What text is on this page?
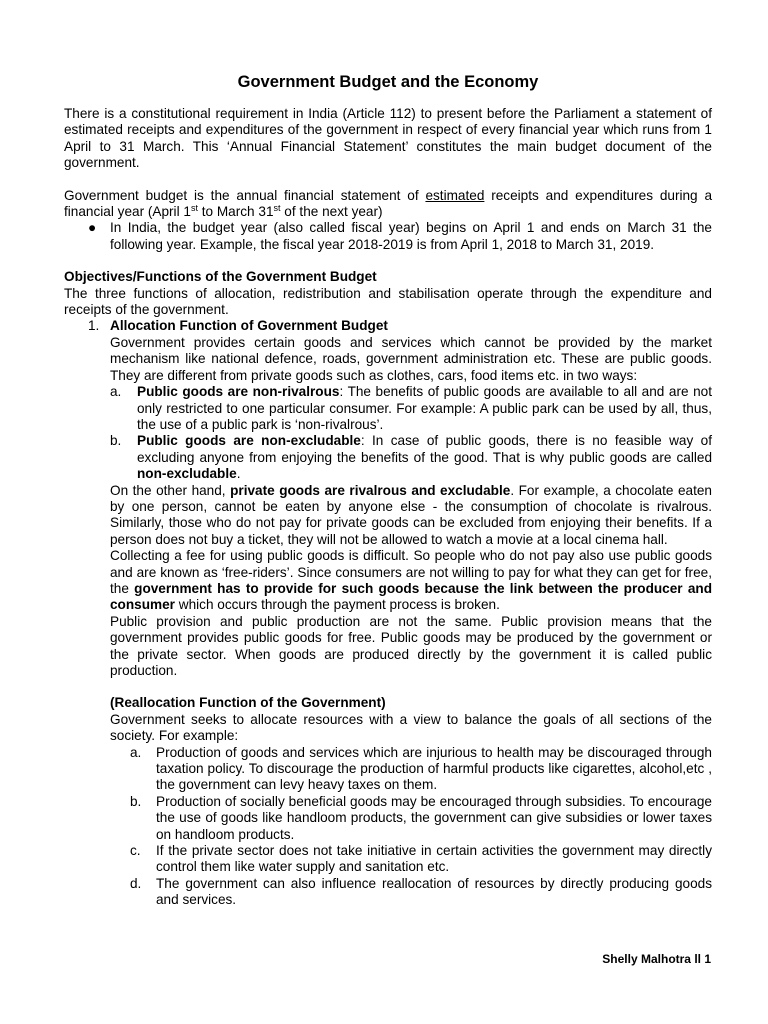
Government Budget and the Economy

There is a constitutional requirement in India (Article 112) to present before the Parliament a statement of estimated receipts and expenditures of the government in respect of every financial year which runs from 1 April to 31 March. This ‘Annual Financial Statement’ constitutes the main budget document of the government.

Government budget is the annual financial statement of estimated receipts and expenditures during a financial year (April 1st to March 31st of the next year)

●	In India, the budget year (also called fiscal year) begins on April 1 and ends on March 31 the following year. Example, the fiscal year 2018-2019 is from April 1, 2018 to March 31, 2019.

Objectives/Functions of the Government Budget

The three functions of allocation, redistribution and stabilisation operate through the expenditure and receipts of the government.

1. Allocation Function of Government Budget

Government provides certain goods and services which cannot be provided by the market mechanism like national defence, roads, government administration etc. These are public goods. They are different from private goods such as clothes, cars, food items etc. in two ways:

a.	Public goods are non-rivalrous: The benefits of public goods are available to all and are not only restricted to one particular consumer. For example: A public park can be used by all, thus, the use of a public park is ‘non-rivalrous’.
b.	Public goods are non-excludable: In case of public goods, there is no feasible way of excluding anyone from enjoying the benefits of the good. That is why public goods are called non-excludable.

On the other hand, private goods are rivalrous and excludable. For example, a chocolate eaten by one person, cannot be eaten by anyone else - the consumption of chocolate is rivalrous. Similarly, those who do not pay for private goods can be excluded from enjoying their benefits. If a person does not buy a ticket, they will not be allowed to watch a movie at a local cinema hall.

Collecting a fee for using public goods is difficult. So people who do not pay also use public goods and are known as ‘free-riders’. Since consumers are not willing to pay for what they can get for free, the government has to provide for such goods because the link between the producer and consumer which occurs through the payment process is broken.

Public provision and public production are not the same. Public provision means that the government provides public goods for free. Public goods may be produced by the government or the private sector. When goods are produced directly by the government it is called public production.

(Reallocation Function of the Government)

Government seeks to allocate resources with a view to balance the goals of all sections of the society. For example:

a.	Production of goods and services which are injurious to health may be discouraged through taxation policy. To discourage the production of harmful products like cigarettes, alcohol,etc , the government can levy heavy taxes on them.
b.	Production of socially beneficial goods may be encouraged through subsidies. To encourage the use of goods like handloom products, the government can give subsidies or lower taxes on handloom products.
c.	If the private sector does not take initiative in certain activities the government may directly control them like water supply and sanitation etc.
d.	The government can also influence reallocation of resources by directly producing goods and services.
Shelly Malhotra ll 1
